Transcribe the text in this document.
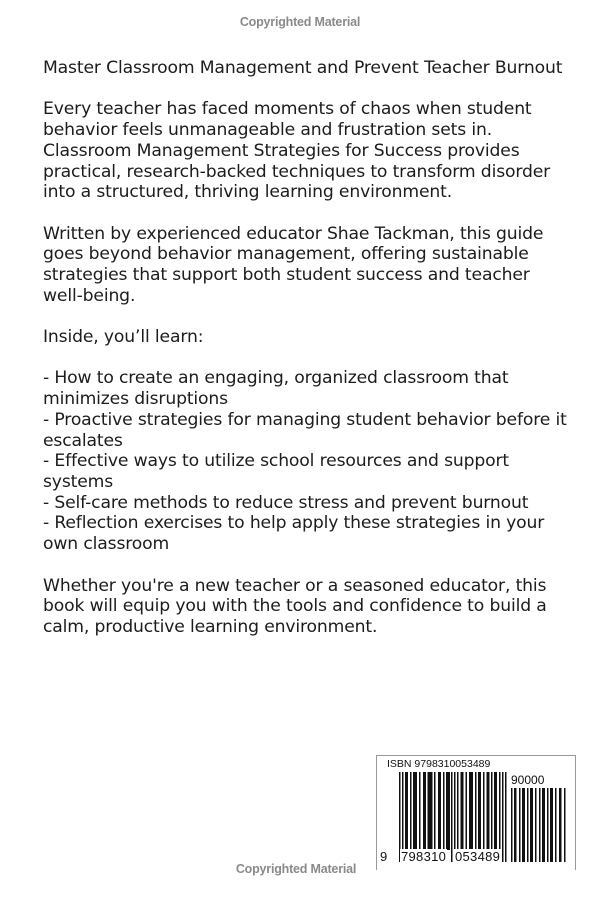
Copyrighted Material

Master Classroom Management and Prevent Teacher Burnout

Every teacher has faced moments of chaos when student behavior feels unmanageable and frustration sets in. Classroom Management Strategies for Success provides practical, research-backed techniques to transform disorder into a structured, thriving learning environment.

Written by experienced educator Shae Tackman, this guide goes beyond behavior management, offering sustainable strategies that support both student success and teacher well-being.

Inside, you’ll learn:

- How to create an engaging, organized classroom that minimizes disruptions
- Proactive strategies for managing student behavior before it escalates
- Effective ways to utilize school resources and support systems
- Self-care methods to reduce stress and prevent burnout
- Reflection exercises to help apply these strategies in your own classroom

Whether you're a new teacher or a seasoned educator, this book will equip you with the tools and confidence to build a calm, productive learning environment.

ISBN 9798310053489
90000
9 798310 053489
Copyrighted Material
